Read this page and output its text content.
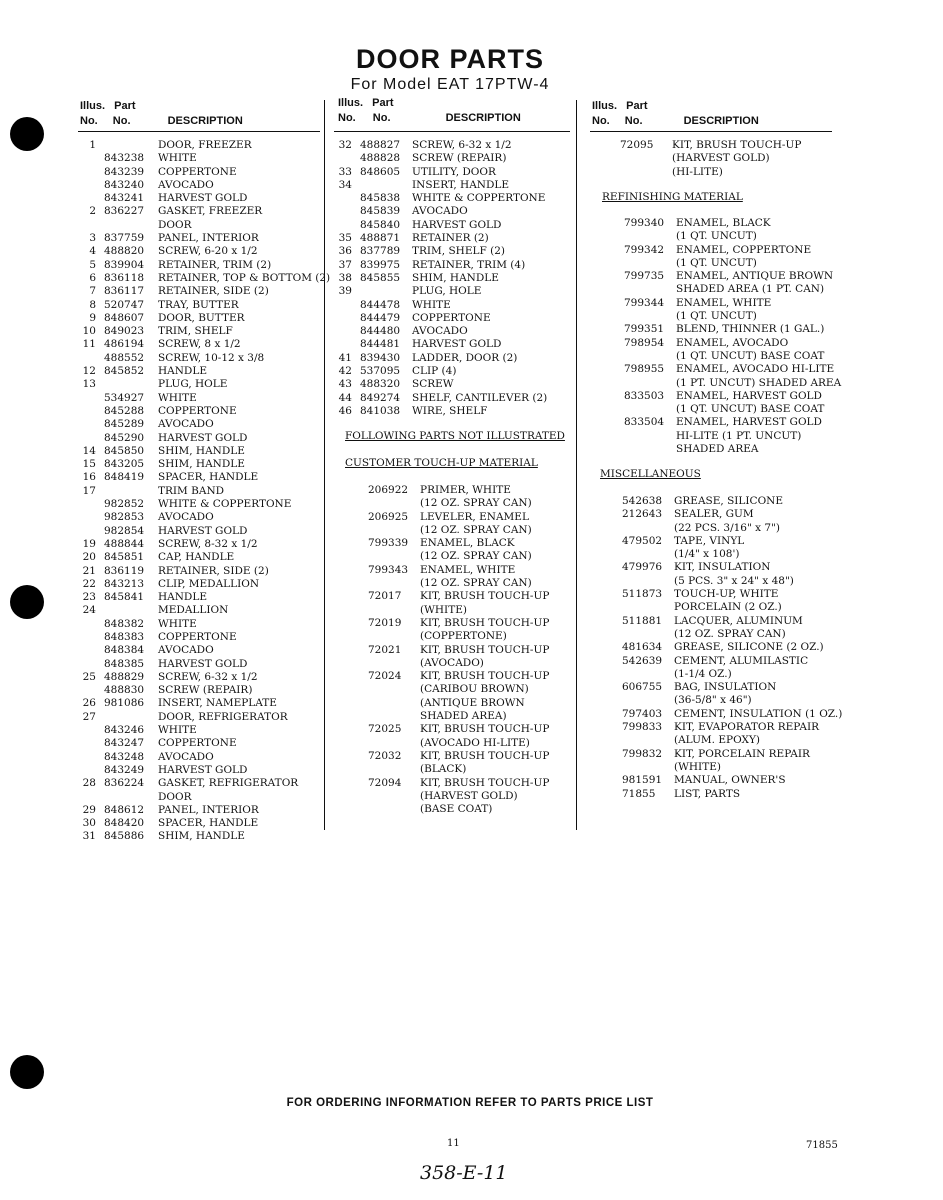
DOOR PARTS
For Model EAT 17PTW-4
Illus. Part
No. No.	DESCRIPTION
Illus. Part
No. No.	DESCRIPTION
Illus. Part
No. No.	DESCRIPTION
1	DOOR, FREEZER
843238 WHITE
843239 COPPERTONE
843240 AVOCADO
843241 HARVEST GOLD
2 836227 GASKET, FREEZER
DOOR
3 837759 PANEL, INTERIOR
4 488820 SCREW, 6-20 x 1/2
5 839904 RETAINER, TRIM (2)
6 836118 RETAINER, TOP & BOTTOM (2)
7 836117 RETAINER, SIDE (2)
8 520747 TRAY, BUTTER
9 848607 DOOR, BUTTER
10 849023 TRIM, SHELF
11 486194 SCREW, 8 x 1/2
488552 SCREW, 10-12 x 3/8
12 845852 HANDLE
13	PLUG, HOLE
534927 WHITE
845288 COPPERTONE
845289 AVOCADO
845290 HARVEST GOLD
14 845850 SHIM, HANDLE
15 843205 SHIM, HANDLE
16 848419 SPACER, HANDLE
17	TRIM BAND
982852 WHITE & COPPERTONE
982853 AVOCADO
982854 HARVEST GOLD
19 488844 SCREW, 8-32 x 1/2
20 845851 CAP, HANDLE
21 836119 RETAINER, SIDE (2)
22 843213 CLIP, MEDALLION
23 845841 HANDLE
24	MEDALLION
848382 WHITE
848383 COPPERTONE
848384 AVOCADO
848385 HARVEST GOLD
25 488829 SCREW, 6-32 x 1/2
488830 SCREW (REPAIR)
26 981086 INSERT, NAMEPLATE
27	DOOR, REFRIGERATOR
843246 WHITE
843247 COPPERTONE
843248 AVOCADO
843249 HARVEST GOLD
28 836224 GASKET, REFRIGERATOR
DOOR
29 848612 PANEL, INTERIOR
30 848420 SPACER, HANDLE
31 845886 SHIM, HANDLE
32 488827 SCREW, 6-32 x 1/2
488828 SCREW (REPAIR)
33 848605 UTILITY, DOOR
34	INSERT, HANDLE
845838 WHITE & COPPERTONE
845839 AVOCADO
845840 HARVEST GOLD
35 488871 RETAINER (2)
36 837789 TRIM, SHELF (2)
37 839975 RETAINER, TRIM (4)
38 845855 SHIM, HANDLE
39	PLUG, HOLE
844478 WHITE
844479 COPPERTONE
844480 AVOCADO
844481 HARVEST GOLD
41 839430 LADDER, DOOR (2)
42 537095 CLIP (4)
43 488320 SCREW
44 849274 SHELF, CANTILEVER (2)
46 841038 WIRE, SHELF
FOLLOWING PARTS NOT ILLUSTRATED
CUSTOMER TOUCH-UP MATERIAL
206922 PRIMER, WHITE
(12 OZ. SPRAY CAN)
206925 LEVELER, ENAMEL
(12 OZ. SPRAY CAN)
799339 ENAMEL, BLACK
(12 OZ. SPRAY CAN)
799343 ENAMEL, WHITE
(12 OZ. SPRAY CAN)
72017 KIT, BRUSH TOUCH-UP
(WHITE)
72019 KIT, BRUSH TOUCH-UP
(COPPERTONE)
72021 KIT, BRUSH TOUCH-UP
(AVOCADO)
72024 KIT, BRUSH TOUCH-UP
(CARIBOU BROWN)
(ANTIQUE BROWN
SHADED AREA)
72025 KIT, BRUSH TOUCH-UP
(AVOCADO HI-LITE)
72032 KIT, BRUSH TOUCH-UP
(BLACK)
72094 KIT, BRUSH TOUCH-UP
(HARVEST GOLD)
(BASE COAT)
72095 KIT, BRUSH TOUCH-UP
(HARVEST GOLD)
(HI-LITE)
REFINISHING MATERIAL
799340 ENAMEL, BLACK
(1 QT. UNCUT)
799342 ENAMEL, COPPERTONE
(1 QT. UNCUT)
799735 ENAMEL, ANTIQUE BROWN
SHADED AREA (1 PT. CAN)
799344 ENAMEL, WHITE
(1 QT. UNCUT)
799351 BLEND, THINNER (1 GAL.)
798954 ENAMEL, AVOCADO
(1 QT. UNCUT) BASE COAT
798955 ENAMEL, AVOCADO HI-LITE
(1 PT. UNCUT) SHADED AREA
833503 ENAMEL, HARVEST GOLD
(1 QT. UNCUT) BASE COAT
833504 ENAMEL, HARVEST GOLD
HI-LITE (1 PT. UNCUT)
SHADED AREA
MISCELLANEOUS
542638 GREASE, SILICONE
212643 SEALER, GUM
(22 PCS. 3/16" x 7")
479502 TAPE, VINYL
(1/4" x 108')
479976 KIT, INSULATION
(5 PCS. 3" x 24" x 48")
511873 TOUCH-UP, WHITE
PORCELAIN (2 OZ.)
511881 LACQUER, ALUMINUM
(12 OZ. SPRAY CAN)
481634 GREASE, SILICONE (2 OZ.)
542639 CEMENT, ALUMILASTIC
(1-1/4 OZ.)
606755 BAG, INSULATION
(36-5/8" x 46")
797403 CEMENT, INSULATION (1 OZ.)
799833 KIT, EVAPORATOR REPAIR
(ALUM. EPOXY)
799832 KIT, PORCELAIN REPAIR
(WHITE)
981591 MANUAL, OWNER'S
71855 LIST, PARTS
FOR ORDERING INFORMATION REFER TO PARTS PRICE LIST
11	71855
358-E-11
